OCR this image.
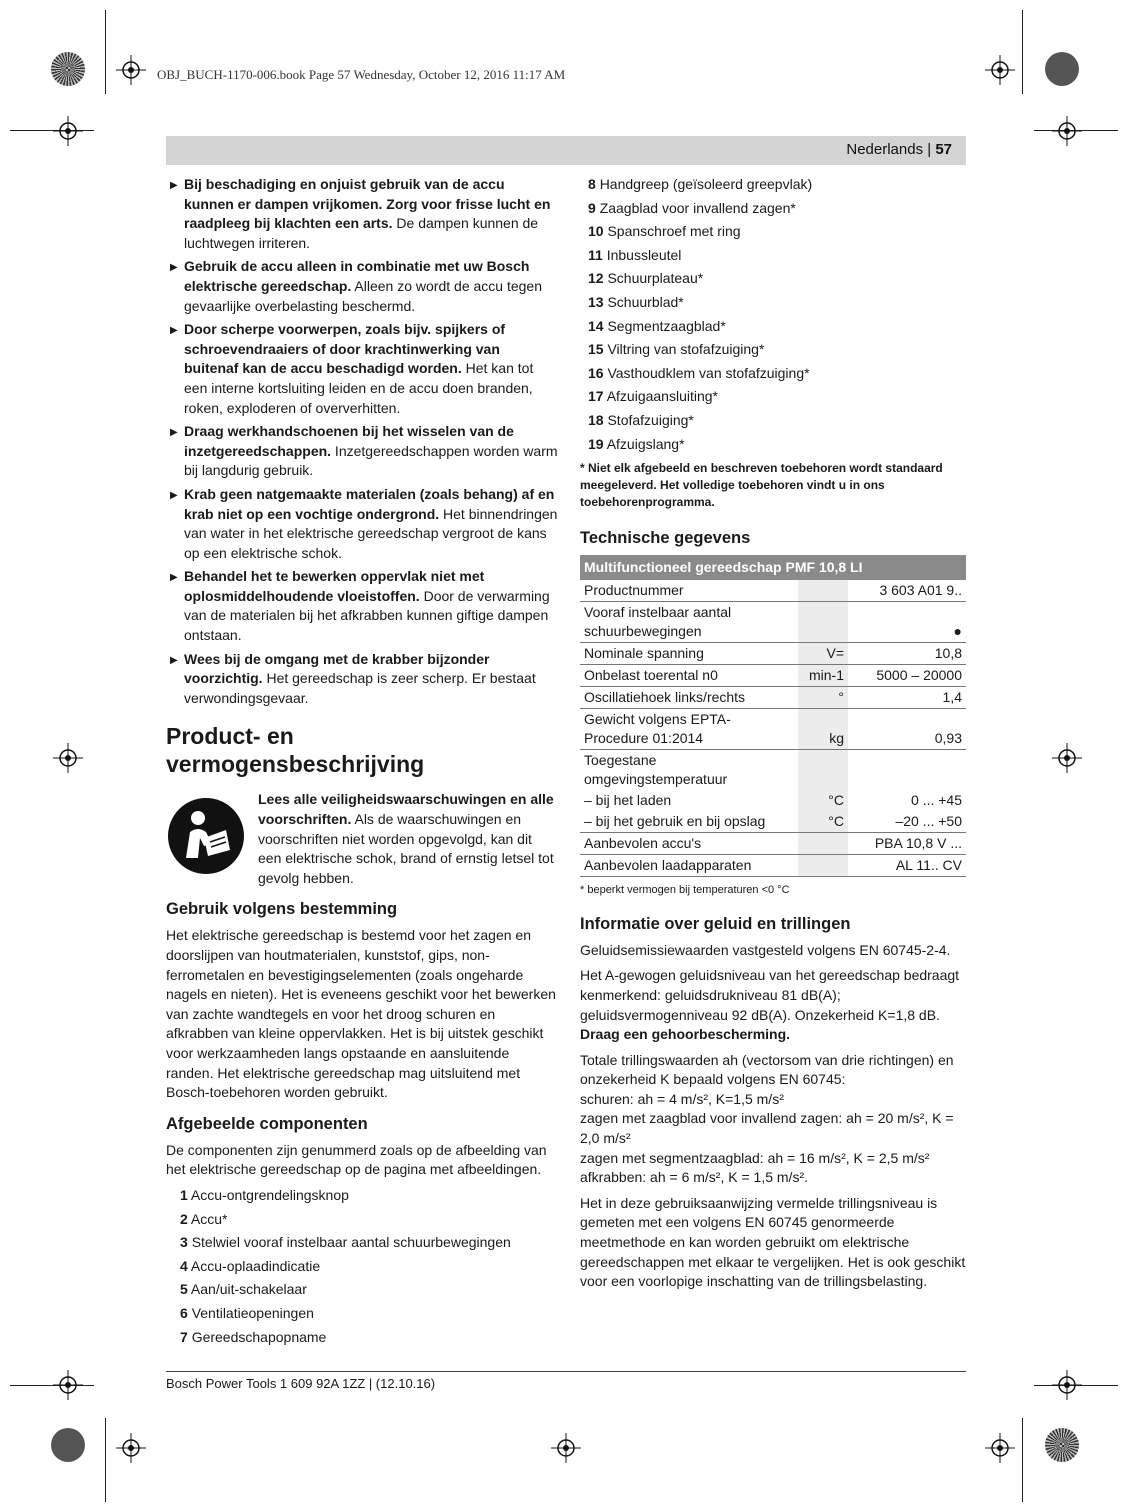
OBJ_BUCH-1170-006.book Page 57 Wednesday, October 12, 2016 11:17 AM
Nederlands | 57
▶ Bij beschadiging en onjuist gebruik van de accu kunnen er dampen vrijkomen. Zorg voor frisse lucht en raadpleeg bij klachten een arts. De dampen kunnen de luchtwegen irriteren.
▶ Gebruik de accu alleen in combinatie met uw Bosch elektrische gereedschap. Alleen zo wordt de accu tegen gevaarlijke overbelasting beschermd.
▶ Door scherpe voorwerpen, zoals bijv. spijkers of schroevendraaiers of door krachtinwerking van buitenaf kan de accu beschadigd worden. Het kan tot een interne kortsluiting leiden en de accu doen branden, roken, exploderen of oververhitten.
▶ Draag werkhandschoenen bij het wisselen van de inzetgereedschappen. Inzetgereedschappen worden warm bij langdurig gebruik.
▶ Krab geen natgemaakte materialen (zoals behang) af en krab niet op een vochtige ondergrond. Het binnendringen van water in het elektrische gereedschap vergroot de kans op een elektrische schok.
▶ Behandel het te bewerken oppervlak niet met oplosmiddelhoudende vloeistoffen. Door de verwarming van de materialen bij het afkrabben kunnen giftige dampen ontstaan.
▶ Wees bij de omgang met de krabber bijzonder voorzichtig. Het gereedschap is zeer scherp. Er bestaat verwondingsgevaar.
Product- en vermogensbeschrijving
Lees alle veiligheidswaarschuwingen en alle voorschriften. Als de waarschuwingen en voorschriften niet worden opgevolgd, kan dit een elektrische schok, brand of ernstig letsel tot gevolg hebben.
Gebruik volgens bestemming

Het elektrische gereedschap is bestemd voor het zagen en doorslijpen van houtmaterialen, kunststof, gips, non-ferrometalen en bevestigingselementen (zoals ongeharde nagels en nieten). Het is eveneens geschikt voor het bewerken van zachte wandtegels en voor het droog schuren en afkrabben van kleine oppervlakken. Het is bij uitstek geschikt voor werkzaamheden langs opstaande en aansluitende randen. Het elektrische gereedschap mag uitsluitend met Bosch-toebehoren worden gebruikt.

Afgebeelde componenten

De componenten zijn genummerd zoals op de afbeelding van het elektrische gereedschap op de pagina met afbeeldingen.

1 Accu-ontgrendelingsknop
2 Accu*
3 Stelwiel vooraf instelbaar aantal schuurbewegingen
4 Accu-oplaadindicatie
5 Aan/uit-schakelaar
6 Ventilatieopeningen
7 Gereedschapopname
8 Handgreep (geïsoleerd greepvlak)
9 Zaagblad voor invallend zagen*
10 Spanschroef met ring
11 Inbussleutel
12 Schuurplateau*
13 Schuurblad*
14 Segmentzaagblad*
15 Viltring van stofafzuiging*
16 Vasthoudklem van stofafzuiging*
17 Afzuigaansluiting*
18 Stofafzuiging*
19 Afzuigslang*
* Niet elk afgebeeld en beschreven toebehoren wordt standaard meegeleverd. Het volledige toebehoren vindt u in ons toebehorenprogramma.
Technische gegevens
Multifunctioneel gereedschap PMF 10,8 LI		
Productnummer		3 603 A01 9..
Vooraf instelbaar aantal schuurbewegingen		●
Nominale spanning	V=	10,8
Onbelast toerental n0	min-1	5000 – 20000
Oscillatiehoek links/rechts	°	1,4
Gewicht volgens EPTA-Procedure 01:2014	kg	0,93
Toegestane omgevingstemperatuur		
– bij het laden	°C	0 ... +45
– bij het gebruik en bij opslag	°C	–20 ... +50
Aanbevolen accu's		PBA 10,8 V ...
Aanbevolen laadapparaten		AL 11.. CV
* beperkt vermogen bij temperaturen <0 °C
Informatie over geluid en trillingen

Geluidsemissiewaarden vastgesteld volgens EN 60745-2-4.

Het A-gewogen geluidsniveau van het gereedschap bedraagt kenmerkend: geluidsdrukniveau 81 dB(A); geluidsvermogenniveau 92 dB(A). Onzekerheid K=1,8 dB.

Draag een gehoorbescherming.

Totale trillingswaarden ah (vectorsom van drie richtingen) en onzekerheid K bepaald volgens EN 60745:

schuren: ah = 4 m/s², K=1,5 m/s²
zagen met zaagblad voor invallend zagen: ah = 20 m/s², K = 2,0 m/s²
zagen met segmentzaagblad: ah = 16 m/s², K = 2,5 m/s²
afkrabben: ah = 6 m/s², K = 1,5 m/s².

Het in deze gebruiksaanwijzing vermelde trillingsniveau is gemeten met een volgens EN 60745 genormeerde meetmethode en kan worden gebruikt om elektrische gereedschappen met elkaar te vergelijken. Het is ook geschikt voor een voorlopige inschatting van de trillingsbelasting.

Bosch Power Tools 1 609 92A 1ZZ | (12.10.16)
